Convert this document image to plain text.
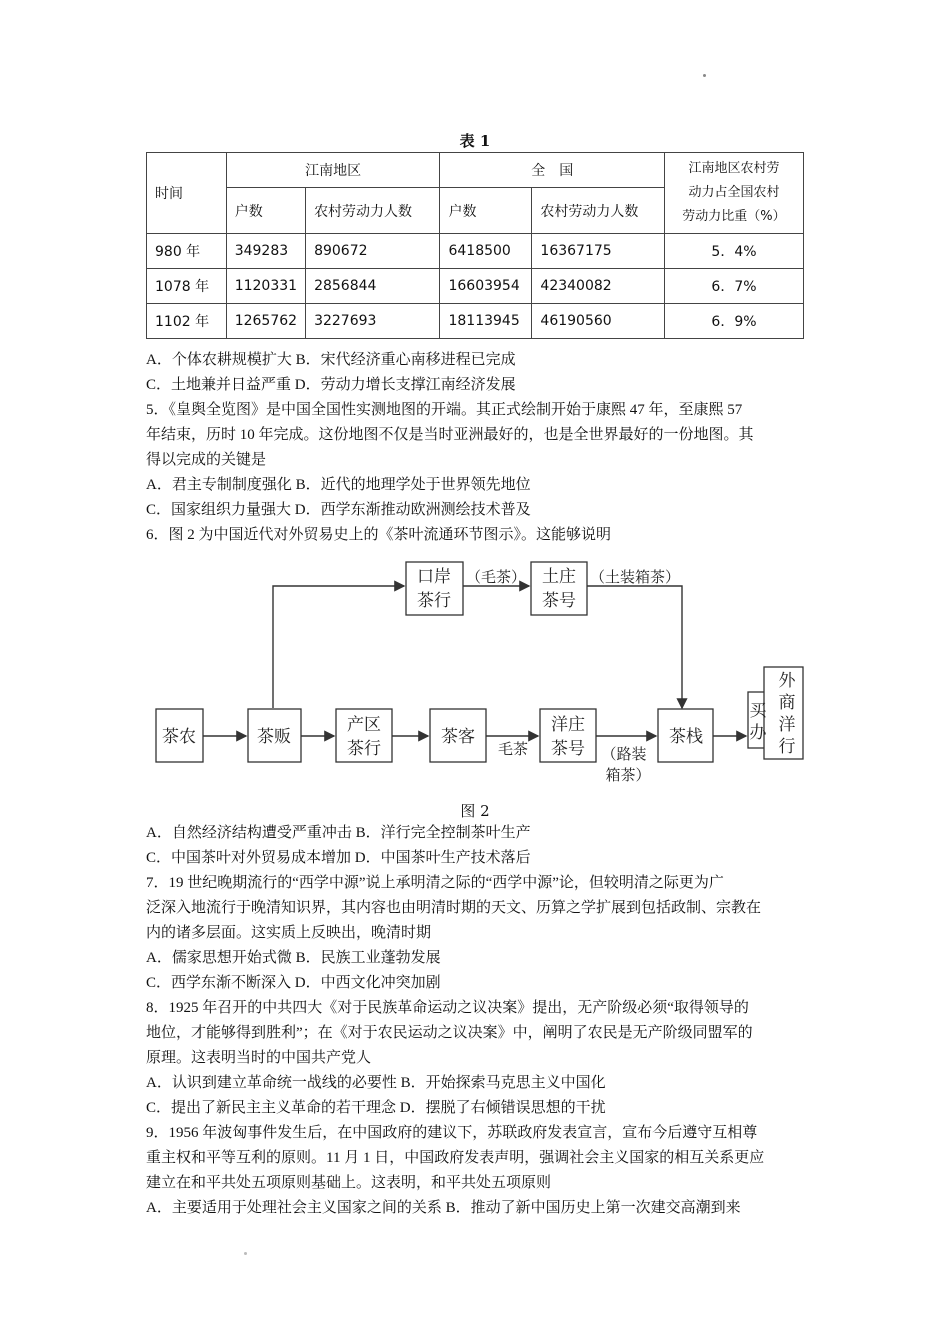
表 1
时间	江南地区		全　国		江南地区农村劳
动力占全国农村
劳动力比重（%）

	户数	农村劳动力人数	户数	农村劳动力人数	
980 年	349283	890672	6418500	16367175	5．4%
1078 年	1120331	2856844	16603954	42340082	6．7%
1102 年	1265762	3227693	18113945	46190560	6．9%
A．个体农耕规模扩大 B．宋代经济重心南移进程已完成
C．土地兼并日益严重 D．劳动力增长支撑江南经济发展
5．《皇舆全览图》是中国全国性实测地图的开端。其正式绘制开始于康熙 47 年，至康熙 57
年结束，历时 10 年完成。这份地图不仅是当时亚洲最好的，也是全世界最好的一份地图。其
得以完成的关键是
A．君主专制制度强化 B．近代的地理学处于世界领先地位
C．国家组织力量强大 D．西学东渐推动欧洲测绘技术普及
6．图 2 为中国近代对外贸易史上的《茶叶流通环节图示》。这能够说明
茶农	茶贩
产区
茶行
茶客
洋庄
茶号
茶栈
买
办
外
商
洋
行
口岸
茶行
土庄
茶号
（毛茶）	（土装箱茶）
毛茶	（路装
箱茶）
图 2
A．自然经济结构遭受严重冲击 B．洋行完全控制茶叶生产
C．中国茶叶对外贸易成本增加 D．中国茶叶生产技术落后
7．19 世纪晚期流行的“西学中源”说上承明清之际的“西学中源”论，但较明清之际更为广
泛深入地流行于晚清知识界，其内容也由明清时期的天文、历算之学扩展到包括政制、宗教在
内的诸多层面。这实质上反映出，晚清时期
A．儒家思想开始式微 B．民族工业蓬勃发展
C．西学东渐不断深入 D．中西文化冲突加剧
8．1925 年召开的中共四大《对于民族革命运动之议决案》提出，无产阶级必须“取得领导的
地位，才能够得到胜利”；在《对于农民运动之议决案》中，阐明了农民是无产阶级同盟军的
原理。这表明当时的中国共产党人
A．认识到建立革命统一战线的必要性 B．开始探索马克思主义中国化
C．提出了新民主主义革命的若干理念 D．摆脱了右倾错误思想的干扰
9．1956 年波匈事件发生后，在中国政府的建议下，苏联政府发表宣言，宣布今后遵守互相尊
重主权和平等互利的原则。11 月 1 日，中国政府发表声明，强调社会主义国家的相互关系更应
建立在和平共处五项原则基础上。这表明，和平共处五项原则
A．主要适用于处理社会主义国家之间的关系 B．推动了新中国历史上第一次建交高潮到来
